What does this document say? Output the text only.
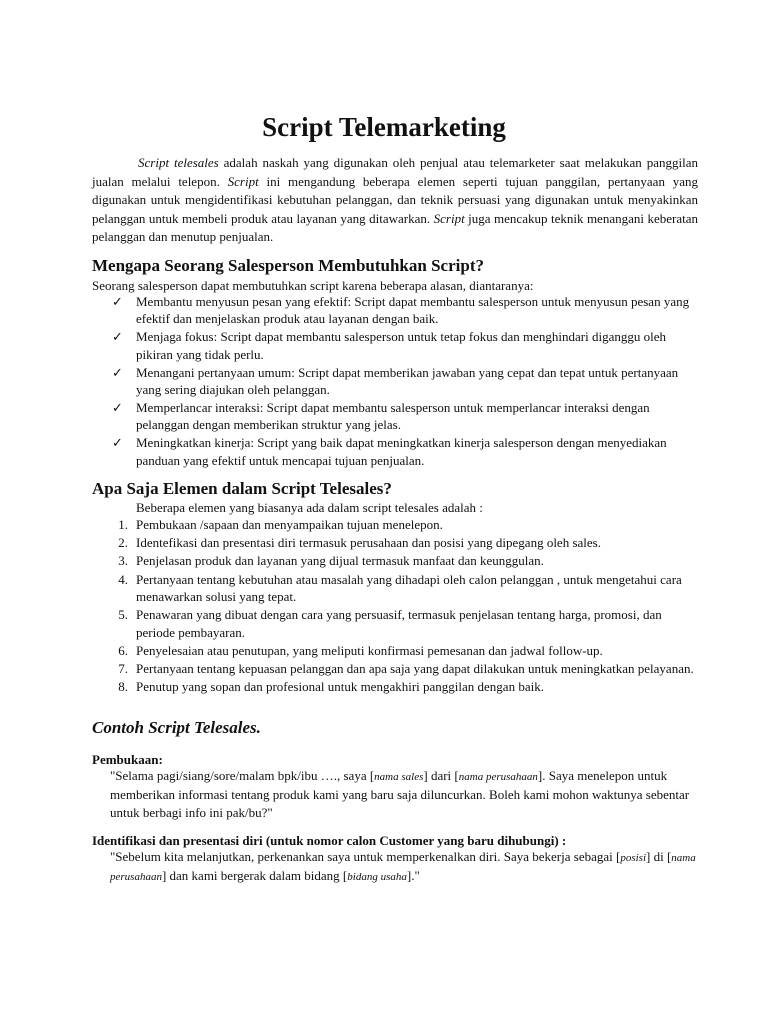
Script Telemarketing

Script telesales adalah naskah yang digunakan oleh penjual atau telemarketer saat melakukan panggilan jualan melalui telepon. Script ini mengandung beberapa elemen seperti tujuan panggilan, pertanyaan yang digunakan untuk mengidentifikasi kebutuhan pelanggan, dan teknik persuasi yang digunakan untuk menyakinkan pelanggan untuk membeli produk atau layanan yang ditawarkan. Script juga mencakup teknik menangani keberatan pelanggan dan menutup penjualan.

Mengapa Seorang Salesperson Membutuhkan Script?

Seorang salesperson dapat membutuhkan script karena beberapa alasan, diantaranya:

✓	Membantu menyusun pesan yang efektif: Script dapat membantu salesperson untuk menyusun pesan yang efektif dan menjelaskan produk atau layanan dengan baik.
✓	Menjaga fokus: Script dapat membantu salesperson untuk tetap fokus dan menghindari diganggu oleh pikiran yang tidak perlu.
✓	Menangani pertanyaan umum: Script dapat memberikan jawaban yang cepat dan tepat untuk pertanyaan yang sering diajukan oleh pelanggan.
✓	Memperlancar interaksi: Script dapat membantu salesperson untuk memperlancar interaksi dengan pelanggan dengan memberikan struktur yang jelas.
✓	Meningkatkan kinerja: Script yang baik dapat meningkatkan kinerja salesperson dengan menyediakan panduan yang efektif untuk mencapai tujuan penjualan.
Apa Saja Elemen dalam Script Telesales?

Beberapa elemen yang biasanya ada dalam script telesales adalah :

1. Pembukaan /sapaan dan menyampaikan tujuan menelepon.
2. Identefikasi dan presentasi diri termasuk perusahaan dan posisi yang dipegang oleh sales.
3. Penjelasan produk dan layanan yang dijual termasuk manfaat dan keunggulan.
4. Pertanyaan tentang kebutuhan atau masalah yang dihadapi oleh calon pelanggan , untuk mengetahui cara menawarkan solusi yang tepat.
5. Penawaran yang dibuat dengan cara yang persuasif, termasuk penjelasan tentang harga, promosi, dan periode pembayaran.
6. Penyelesaian atau penutupan, yang meliputi konfirmasi pemesanan dan jadwal follow-up.
7. Pertanyaan tentang kepuasan pelanggan dan apa saja yang dapat dilakukan untuk meningkatkan pelayanan.
8. Penutup yang sopan dan profesional untuk mengakhiri panggilan dengan baik.
Contoh Script Telesales.

Pembukaan:

"Selama pagi/siang/sore/malam bpk/ibu …., saya [nama sales] dari [nama perusahaan]. Saya menelepon untuk memberikan informasi tentang produk kami yang baru saja diluncurkan. Boleh kami mohon waktunya sebentar untuk berbagi info ini pak/bu?"

Identifikasi dan presentasi diri (untuk nomor calon Customer yang baru dihubungi) :

"Sebelum kita melanjutkan, perkenankan saya untuk memperkenalkan diri. Saya bekerja sebagai [posisi] di [nama perusahaan] dan kami bergerak dalam bidang [bidang usaha]."
